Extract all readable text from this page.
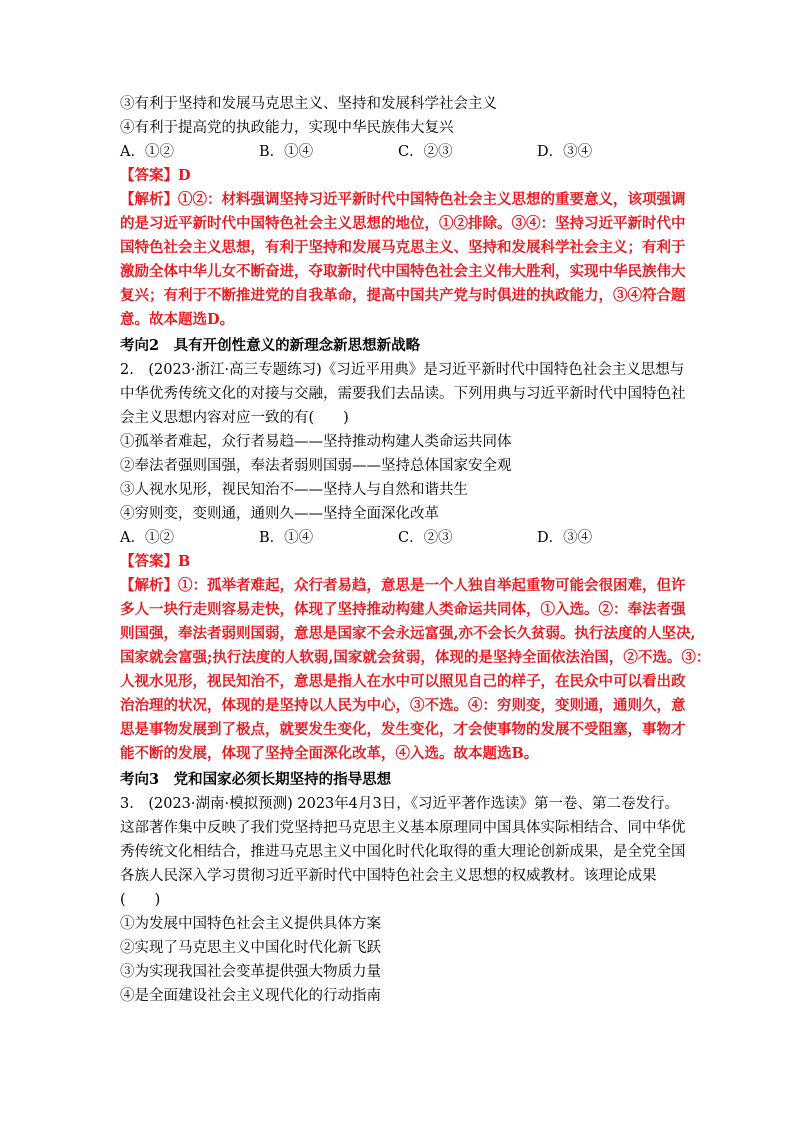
③有利于坚持和发展马克思主义、坚持和发展科学社会主义
④有利于提高党的执政能力，实现中华民族伟大复兴
A．①②	B．①④	C．②③	D．③④
【答案】D
【解析】①②：材料强调坚持习近平新时代中国特色社会主义思想的重要意义，该项强调
的是习近平新时代中国特色社会主义思想的地位，①②排除。③④：坚持习近平新时代中
国特色社会主义思想，有利于坚持和发展马克思主义、坚持和发展科学社会主义；有利于
激励全体中华儿女不断奋进，夺取新时代中国特色社会主义伟大胜利，实现中华民族伟大
复兴；有利于不断推进党的自我革命，提高中国共产党与时俱进的执政能力，③④符合题
意。故本题选D。
考向2　具有开创性意义的新理念新思想新战略
2.　(2023·浙江·高三专题练习)《习近平用典》是习近平新时代中国特色社会主义思想与
中华优秀传统文化的对接与交融，需要我们去品读。下列用典与习近平新时代中国特色社
会主义思想内容对应一致的有(　　)
①孤举者难起，众行者易趋——坚持推动构建人类命运共同体
②奉法者强则国强，奉法者弱则国弱——坚持总体国家安全观
③人视水见形，视民知治不——坚持人与自然和谐共生
④穷则变，变则通，通则久——坚持全面深化改革
A．①②	B．①④	C．②③	D．③④
【答案】B
【解析】①：孤举者难起，众行者易趋，意思是一个人独自举起重物可能会很困难，但许
多人一块行走则容易走快，体现了坚持推动构建人类命运共同体，①入选。②：奉法者强
则国强，奉法者弱则国弱，意思是国家不会永远富强,亦不会长久贫弱。执行法度的人坚决,
国家就会富强;执行法度的人软弱,国家就会贫弱，体现的是坚持全面依法治国，②不选。③：
人视水见形，视民知治不，意思是指人在水中可以照见自己的样子，在民众中可以看出政
治治理的状况，体现的是坚持以人民为中心，③不选。④：穷则变，变则通，通则久，意
思是事物发展到了极点，就要发生变化，发生变化，才会使事物的发展不受阻塞，事物才
能不断的发展，体现了坚持全面深化改革，④入选。故本题选B。
考向3　党和国家必须长期坚持的指导思想
3.　(2023·湖南·模拟预测) 2023年4月3日，《习近平著作选读》第一卷、第二卷发行。
这部著作集中反映了我们党坚持把马克思主义基本原理同中国具体实际相结合、同中华优
秀传统文化相结合，推进马克思主义中国化时代化取得的重大理论创新成果，是全党全国
各族人民深入学习贯彻习近平新时代中国特色社会主义思想的权威教材。该理论成果
(　　)
①为发展中国特色社会主义提供具体方案
②实现了马克思主义中国化时代化新飞跃
③为实现我国社会变革提供强大物质力量
④是全面建设社会主义现代化的行动指南
